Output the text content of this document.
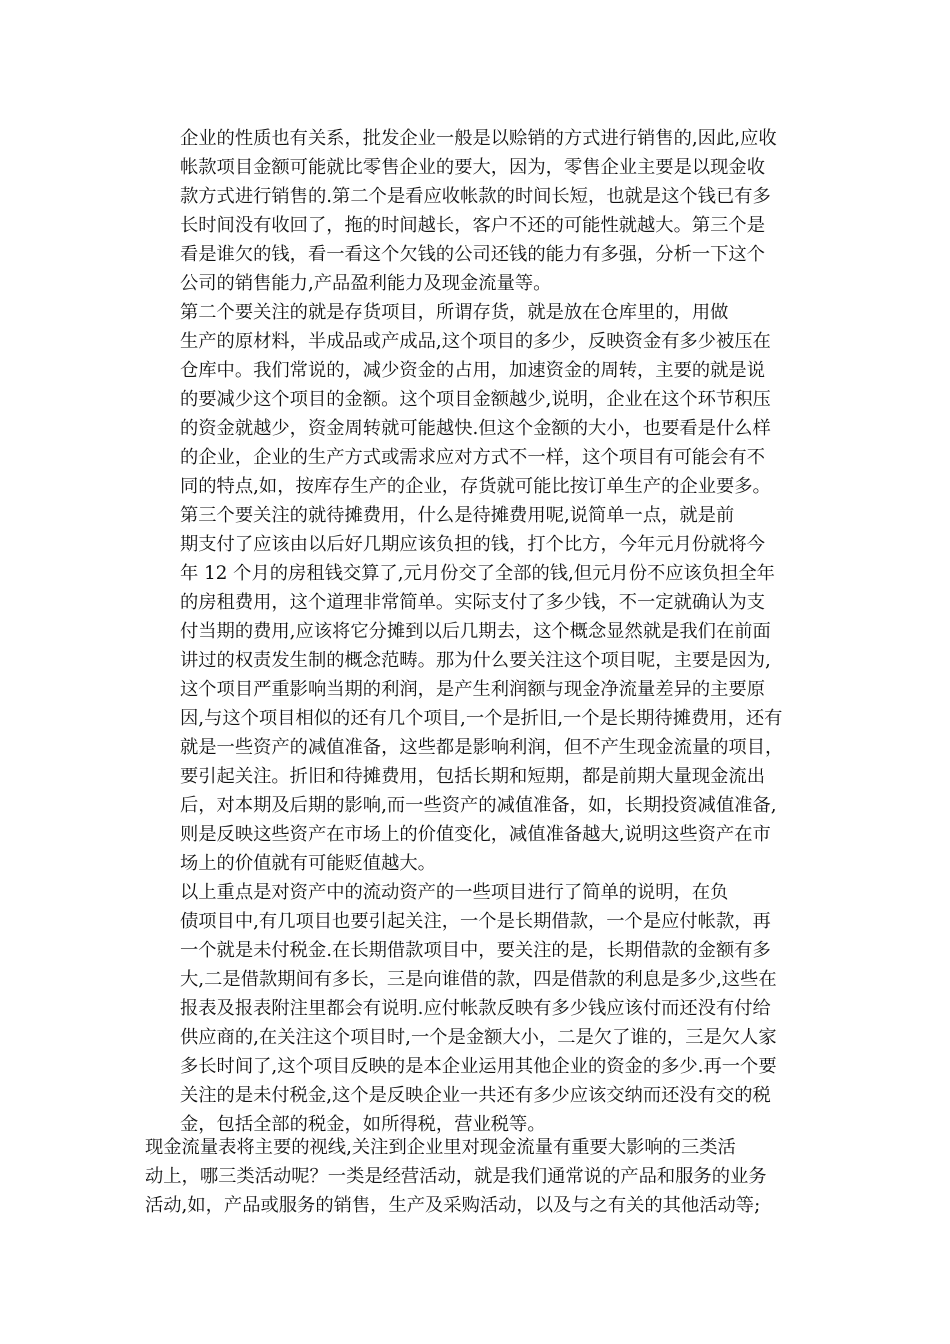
企业的性质也有关系，批发企业一般是以赊销的方式进行销售的,因此,应收
帐款项目金额可能就比零售企业的要大，因为，零售企业主要是以现金收
款方式进行销售的.第二个是看应收帐款的时间长短，也就是这个钱已有多
长时间没有收回了，拖的时间越长，客户不还的可能性就越大。第三个是
看是谁欠的钱，看一看这个欠钱的公司还钱的能力有多强，分析一下这个
公司的销售能力,产品盈利能力及现金流量等。
第二个要关注的就是存货项目，所谓存货，就是放在仓库里的，用做
生产的原材料，半成品或产成品,这个项目的多少，反映资金有多少被压在
仓库中。我们常说的，减少资金的占用，加速资金的周转，主要的就是说
的要减少这个项目的金额。这个项目金额越少,说明，企业在这个环节积压
的资金就越少，资金周转就可能越快.但这个金额的大小，也要看是什么样
的企业，企业的生产方式或需求应对方式不一样，这个项目有可能会有不
同的特点,如，按库存生产的企业，存货就可能比按订单生产的企业要多。
第三个要关注的就待摊费用，什么是待摊费用呢,说简单一点，就是前
期支付了应该由以后好几期应该负担的钱，打个比方，今年元月份就将今
年 12 个月的房租钱交算了,元月份交了全部的钱,但元月份不应该负担全年
的房租费用，这个道理非常简单。实际支付了多少钱，不一定就确认为支
付当期的费用,应该将它分摊到以后几期去，这个概念显然就是我们在前面
讲过的权责发生制的概念范畴。那为什么要关注这个项目呢，主要是因为,
这个项目严重影响当期的利润，是产生利润额与现金净流量差异的主要原
因,与这个项目相似的还有几个项目,一个是折旧,一个是长期待摊费用，还有
就是一些资产的减值准备，这些都是影响利润，但不产生现金流量的项目，
要引起关注。折旧和待摊费用，包括长期和短期，都是前期大量现金流出
后，对本期及后期的影响,而一些资产的减值准备，如，长期投资减值准备,
则是反映这些资产在市场上的价值变化，减值准备越大,说明这些资产在市
场上的价值就有可能贬值越大。
以上重点是对资产中的流动资产的一些项目进行了简单的说明，在负
债项目中,有几项目也要引起关注，一个是长期借款，一个是应付帐款，再
一个就是未付税金.在长期借款项目中，要关注的是，长期借款的金额有多
大,二是借款期间有多长，三是向谁借的款，四是借款的利息是多少,这些在
报表及报表附注里都会有说明.应付帐款反映有多少钱应该付而还没有付给
供应商的,在关注这个项目时,一个是金额大小，二是欠了谁的，三是欠人家
多长时间了,这个项目反映的是本企业运用其他企业的资金的多少.再一个要
关注的是未付税金,这个是反映企业一共还有多少应该交纳而还没有交的税
金，包括全部的税金，如所得税，营业税等。
现金流量表将主要的视线,关注到企业里对现金流量有重要大影响的三类活
动上，哪三类活动呢？一类是经营活动，就是我们通常说的产品和服务的业务
活动,如，产品或服务的销售，生产及采购活动，以及与之有关的其他活动等;
